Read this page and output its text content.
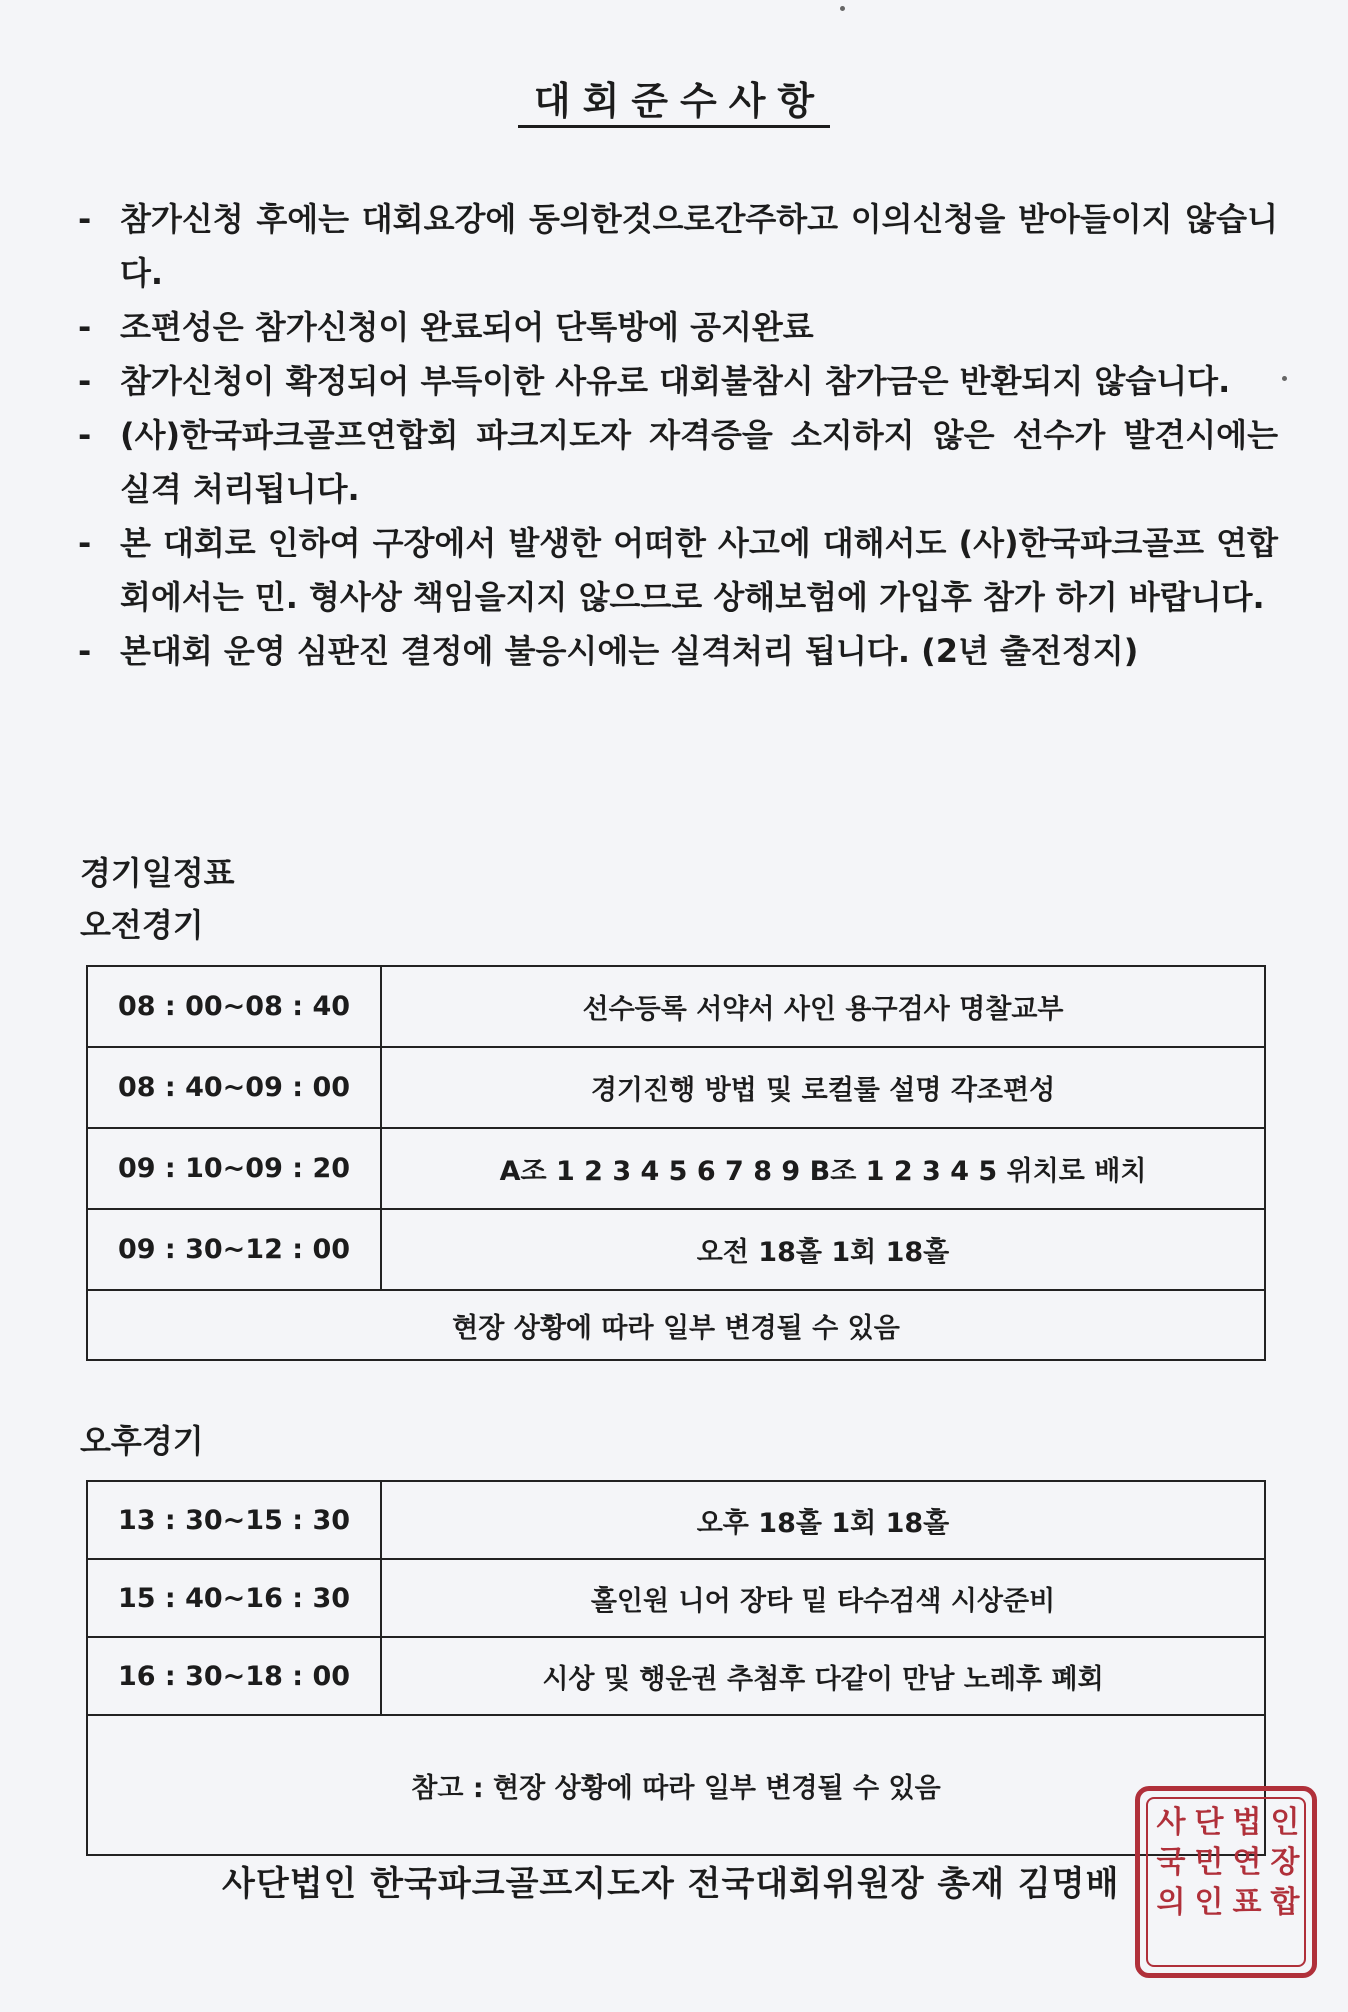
대회준수사항
- 참가신청 후에는 대회요강에 동의한것으로간주하고 이의신청을 받아들이지 않습니다.
- 조편성은 참가신청이 완료되어 단톡방에 공지완료
- 참가신청이 확정되어 부득이한 사유로 대회불참시 참가금은 반환되지 않습니다.
- (사)한국파크골프연합회 파크지도자 자격증을 소지하지 않은 선수가 발견시에는 실격 처리됩니다.
- 본 대회로 인하여 구장에서 발생한 어떠한 사고에 대해서도 (사)한국파크골프 연합회에서는 민. 형사상 책임을지지 않으므로 상해보험에 가입후 참가 하기 바랍니다.
- 본대회 운영 심판진 결정에 불응시에는 실격처리 됩니다. (2년 출전정지)
경기일정표
오전경기
08 : 00~08 : 40	선수등록 서약서 사인 용구검사 명찰교부
08 : 40~09 : 00	경기진행 방법 및 로컬룰 설명 각조편성
09 : 10~09 : 20	A조 1 2 3 4 5 6 7 8 9 B조 1 2 3 4 5 위치로 배치
09 : 30~12 : 00	오전 18홀 1회 18홀
현장 상황에 따라 일부 변경될 수 있음	
오후경기
13 : 30~15 : 30	오후 18홀 1회 18홀
15 : 40~16 : 30	홀인원 니어 장타 밑 타수검색 시상준비
16 : 30~18 : 00	시상 및 행운권 추첨후 다같이 만남 노레후 폐회
참고 : 현장 상황에 따라 일부 변경될 수 있음	
사단법인 한국파크골프지도자 전국대회위원장 총재 김명배
인장합
법연표
단민인
사국의
